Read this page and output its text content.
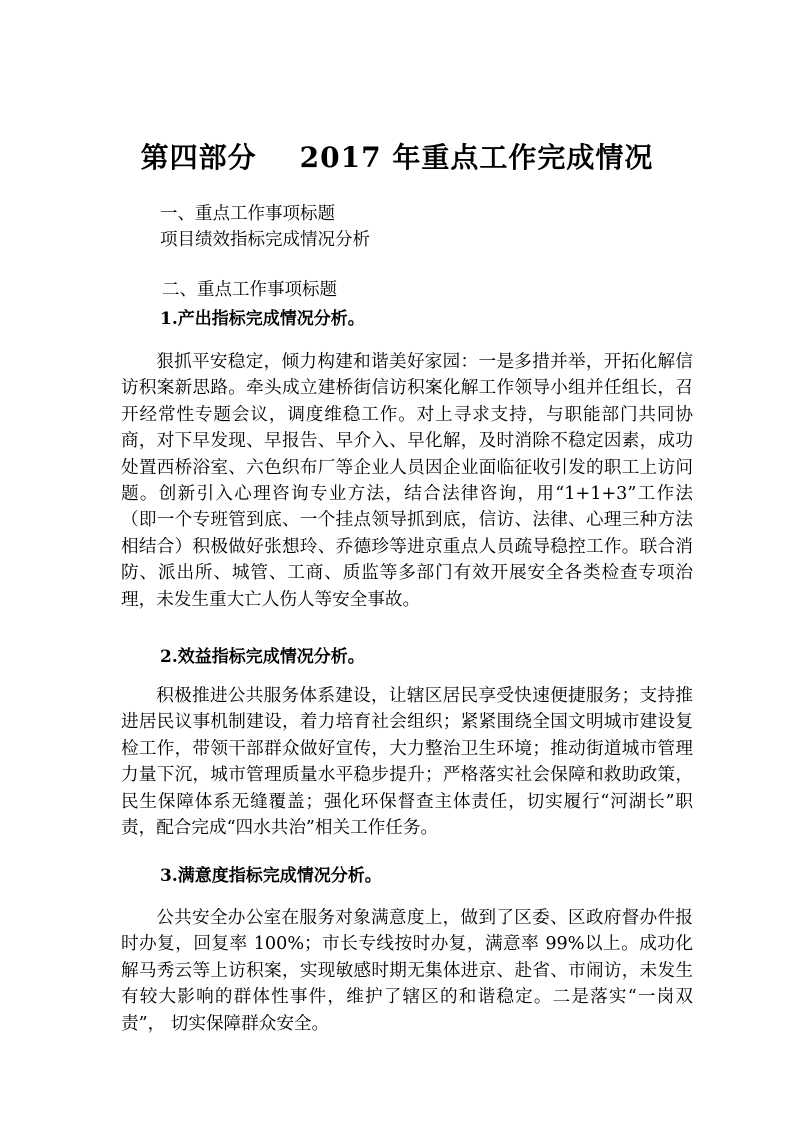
第四部分    2017 年重点工作完成情况
一、重点工作事项标题
项目绩效指标完成情况分析
二、重点工作事项标题
1.产出指标完成情况分析。

狠抓平安稳定，倾力构建和谐美好家园：一是多措并举，开拓化解信访积案新思路。牵头成立建桥街信访积案化解工作领导小组并任组长，召开经常性专题会议，调度维稳工作。对上寻求支持，与职能部门共同协商，对下早发现、早报告、早介入、早化解，及时消除不稳定因素，成功处置西桥浴室、六色织布厂等企业人员因企业面临征收引发的职工上访问题。创新引入心理咨询专业方法，结合法律咨询，用“1+1+3”工作法（即一个专班管到底、一个挂点领导抓到底，信访、法律、心理三种方法相结合）积极做好张想玲、乔德珍等进京重点人员疏导稳控工作。联合消防、派出所、城管、工商、质监等多部门有效开展安全各类检查专项治理，未发生重大亡人伤人等安全事故。

2.效益指标完成情况分析。

积极推进公共服务体系建设，让辖区居民享受快速便捷服务；支持推进居民议事机制建设，着力培育社会组织；紧紧围绕全国文明城市建设复检工作，带领干部群众做好宣传，大力整治卫生环境；推动街道城市管理力量下沉，城市管理质量水平稳步提升；严格落实社会保障和救助政策，民生保障体系无缝覆盖；强化环保督查主体责任，切实履行“河湖长”职责，配合完成“四水共治”相关工作任务。

3.满意度指标完成情况分析。

公共安全办公室在服务对象满意度上，做到了区委、区政府督办件报时办复，回复率 100%；市长专线按时办复，满意率 99%以上。成功化解马秀云等上访积案，实现敏感时期无集体进京、赴省、市闹访，未发生有较大影响的群体性事件，维护了辖区的和谐稳定。二是落实“一岗双责”， 切实保障群众安全。
